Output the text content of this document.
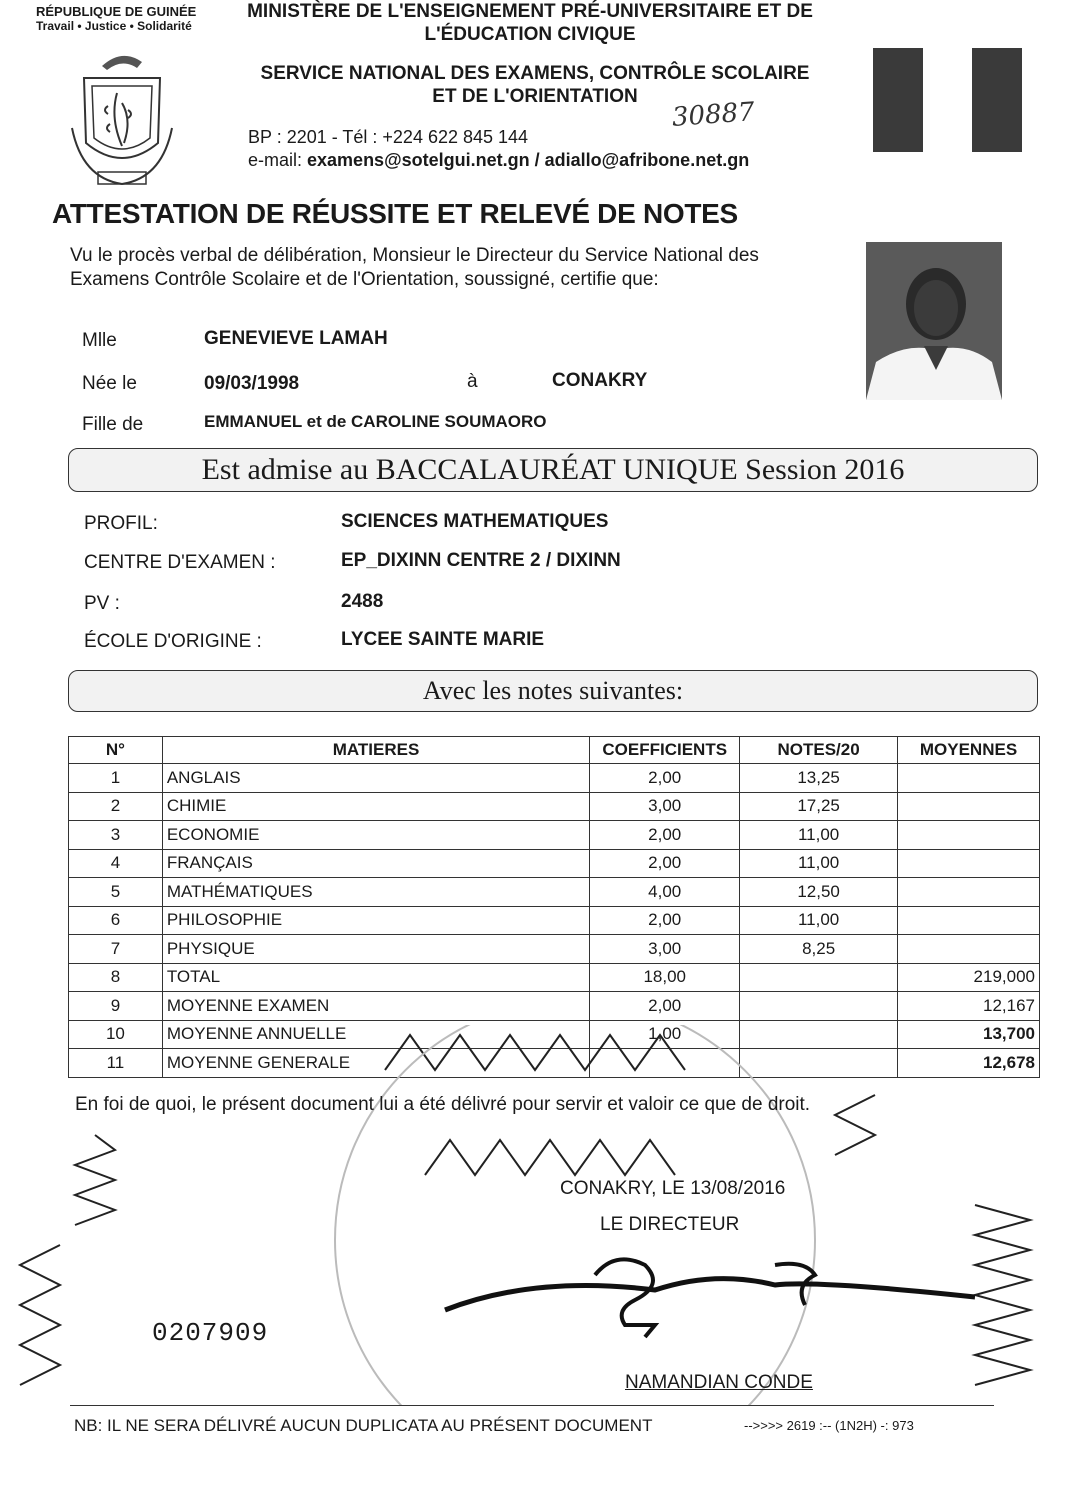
RÉPUBLIQUE DE GUINÉE
Travail • Justice • Solidarité
MINISTÈRE DE L'ENSEIGNEMENT PRÉ-UNIVERSITAIRE ET DE
L'ÉDUCATION CIVIQUE
SERVICE NATIONAL DES EXAMENS, CONTRÔLE SCOLAIRE
ET DE L'ORIENTATION
30887
BP : 2201 - Tél : +224 622 845 144
e-mail: examens@sotelgui.net.gn / adiallo@afribone.net.gn
ATTESTATION DE RÉUSSITE ET RELEVÉ DE NOTES
Vu le procès verbal de délibération, Monsieur le Directeur du Service National des Examens Contrôle Scolaire et de l'Orientation, soussigné, certifie que:
Mlle	GENEVIEVE LAMAH
Née le	09/03/1998	à	CONAKRY
Fille de	EMMANUEL et de CAROLINE SOUMAORO
Est admise au BACCALAURÉAT UNIQUE Session 2016
PROFIL:	SCIENCES MATHEMATIQUES
CENTRE D'EXAMEN :	EP_DIXINN CENTRE 2 / DIXINN
PV :	2488
ÉCOLE D'ORIGINE :	LYCEE SAINTE MARIE
Avec les notes suivantes:
N°	MATIERES	COEFFICIENTS	NOTES/20	MOYENNES
1	ANGLAIS	2,00	13,25	
2	CHIMIE	3,00	17,25	
3	ECONOMIE	2,00	11,00	
4	FRANÇAIS	2,00	11,00	
5	MATHÉMATIQUES	4,00	12,50	
6	PHILOSOPHIE	2,00	11,00	
7	PHYSIQUE	3,00	8,25	
8	TOTAL	18,00		219,000
9	MOYENNE EXAMEN	2,00		12,167
10	MOYENNE ANNUELLE	1,00		13,700
11	MOYENNE GENERALE			12,678
En foi de quoi, le présent document lui a été délivré pour servir et valoir ce que de droit.
CONAKRY, LE 13/08/2016
LE DIRECTEUR
0207909
NAMANDIAN CONDE
NB: IL NE SERA DÉLIVRÉ AUCUN DUPLICATA AU PRÉSENT DOCUMENT	-->>>> 2619 :-- (1N2H) -: 973
